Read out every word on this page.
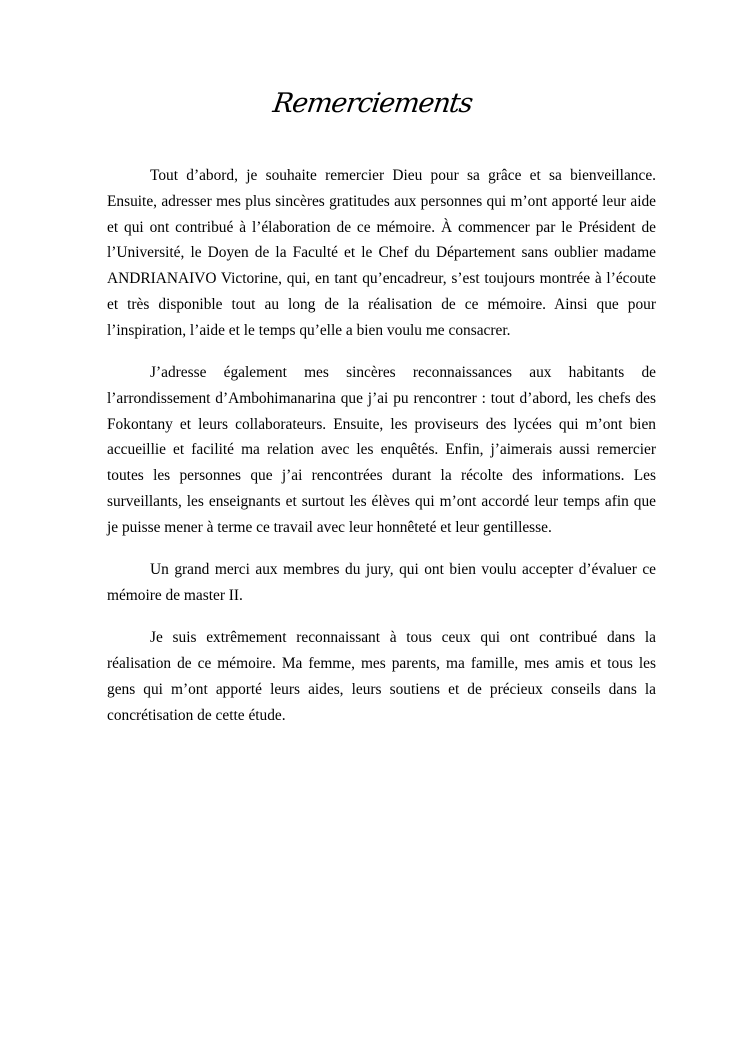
Remerciements

Tout d’abord, je souhaite remercier Dieu pour sa grâce et sa bienveillance. Ensuite, adresser mes plus sincères gratitudes aux personnes qui m’ont apporté leur aide et qui ont contribué à l’élaboration de ce mémoire. À commencer par le Président de l’Université, le Doyen de la Faculté et le Chef du Département sans oublier madame ANDRIANAIVO Victorine, qui, en tant qu’encadreur, s’est toujours montrée à l’écoute et très disponible tout au long de la réalisation de ce mémoire. Ainsi que pour l’inspiration, l’aide et le temps qu’elle a bien voulu me consacrer.

J’adresse également mes sincères reconnaissances aux habitants de l’arrondissement d’Ambohimanarina que j’ai pu rencontrer : tout d’abord, les chefs des Fokontany et leurs collaborateurs. Ensuite, les proviseurs des lycées qui m’ont bien accueillie et facilité ma relation avec les enquêtés. Enfin, j’aimerais aussi remercier toutes les personnes que j’ai rencontrées durant la récolte des informations. Les surveillants, les enseignants et surtout les élèves qui m’ont accordé leur temps afin que je puisse mener à terme ce travail avec leur honnêteté et leur gentillesse.

Un grand merci aux membres du jury, qui ont bien voulu accepter d’évaluer ce mémoire de master II.

Je suis extrêmement reconnaissant à tous ceux qui ont contribué dans la réalisation de ce mémoire. Ma femme, mes parents, ma famille, mes amis et tous les gens qui m’ont apporté leurs aides, leurs soutiens et de précieux conseils dans la concrétisation de cette étude.
